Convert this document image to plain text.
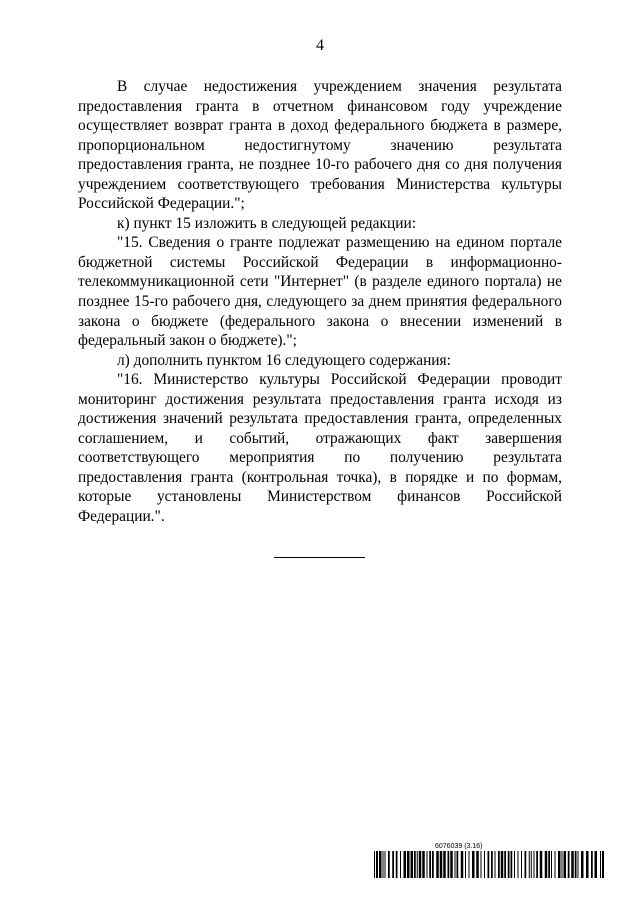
4

В случае недостижения учреждением значения результата предоставления гранта в отчетном финансовом году учреждение осуществляет возврат гранта в доход федерального бюджета в размере, пропорциональном недостигнутому значению результата предоставления гранта, не позднее 10-го рабочего дня со дня получения учреждением соответствующего требования Министерства культуры Российской Федерации.";

к) пункт 15 изложить в следующей редакции:

"15. Сведения о гранте подлежат размещению на едином портале бюджетной системы Российской Федерации в информационно-телекоммуникационной сети "Интернет" (в разделе единого портала) не позднее 15-го рабочего дня, следующего за днем принятия федерального закона о бюджете (федерального закона о внесении изменений в федеральный закон о бюджете).";

л) дополнить пунктом 16 следующего содержания:

"16. Министерство культуры Российской Федерации проводит мониторинг достижения результата предоставления гранта исходя из достижения значений результата предоставления гранта, определенных соглашением, и событий, отражающих факт завершения соответствующего мероприятия по получению результата предоставления гранта (контрольная точка), в порядке и по формам, которые установлены Министерством финансов Российской Федерации.".

6076039 (3.16)
